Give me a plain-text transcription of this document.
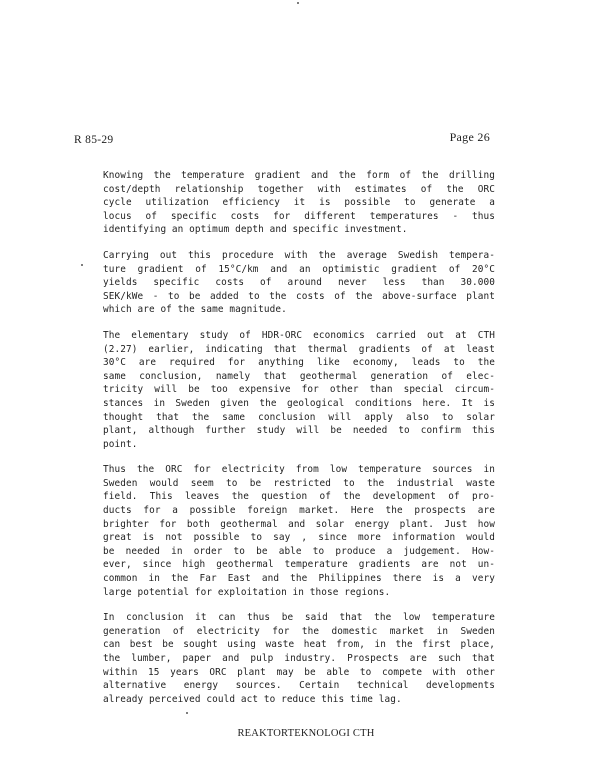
R 85-29	Page 26

Knowing the temperature gradient and the form of the drilling
cost/depth relationship together with estimates of the ORC
cycle utilization efficiency it is possible to generate a
locus of specific costs for different temperatures - thus
identifying an optimum depth and specific investment.

Carrying out this procedure with the average Swedish tempera-
ture gradient of 15°C/km and an optimistic gradient of 20°C
yields specific costs of around never less than 30.000
SEK/kWe - to be added to the costs of the above-surface plant
which are of the same magnitude.

The elementary study of HDR-ORC economics carried out at CTH
(2.27) earlier, indicating that thermal gradients of at least
30°C are required for anything like economy, leads to the
same conclusion, namely that geothermal generation of elec-
tricity will be too expensive for other than special circum-
stances in Sweden given the geological conditions here. It is
thought that the same conclusion will apply also to solar
plant, although further study will be needed to confirm this
point.

Thus the ORC for electricity from low temperature sources in
Sweden would seem to be restricted to the industrial waste
field. This leaves the question of the development of pro-
ducts for a possible foreign market. Here the prospects are
brighter for both geothermal and solar energy plant. Just how
great is not possible to say , since more information would
be needed in order to be able to produce a judgement. How-
ever, since high geothermal temperature gradients are not un-
common in the Far East and the Philippines there is a very
large potential for exploitation in those regions.

In conclusion it can thus be said that the low temperature
generation of electricity for the domestic market in Sweden
can best be sought using waste heat from, in the first place,
the lumber, paper and pulp industry. Prospects are such that
within 15 years ORC plant may be able to compete with other
alternative energy sources. Certain technical developments
already perceived could act to reduce this time lag.

REAKTORTEKNOLOGI CTH
